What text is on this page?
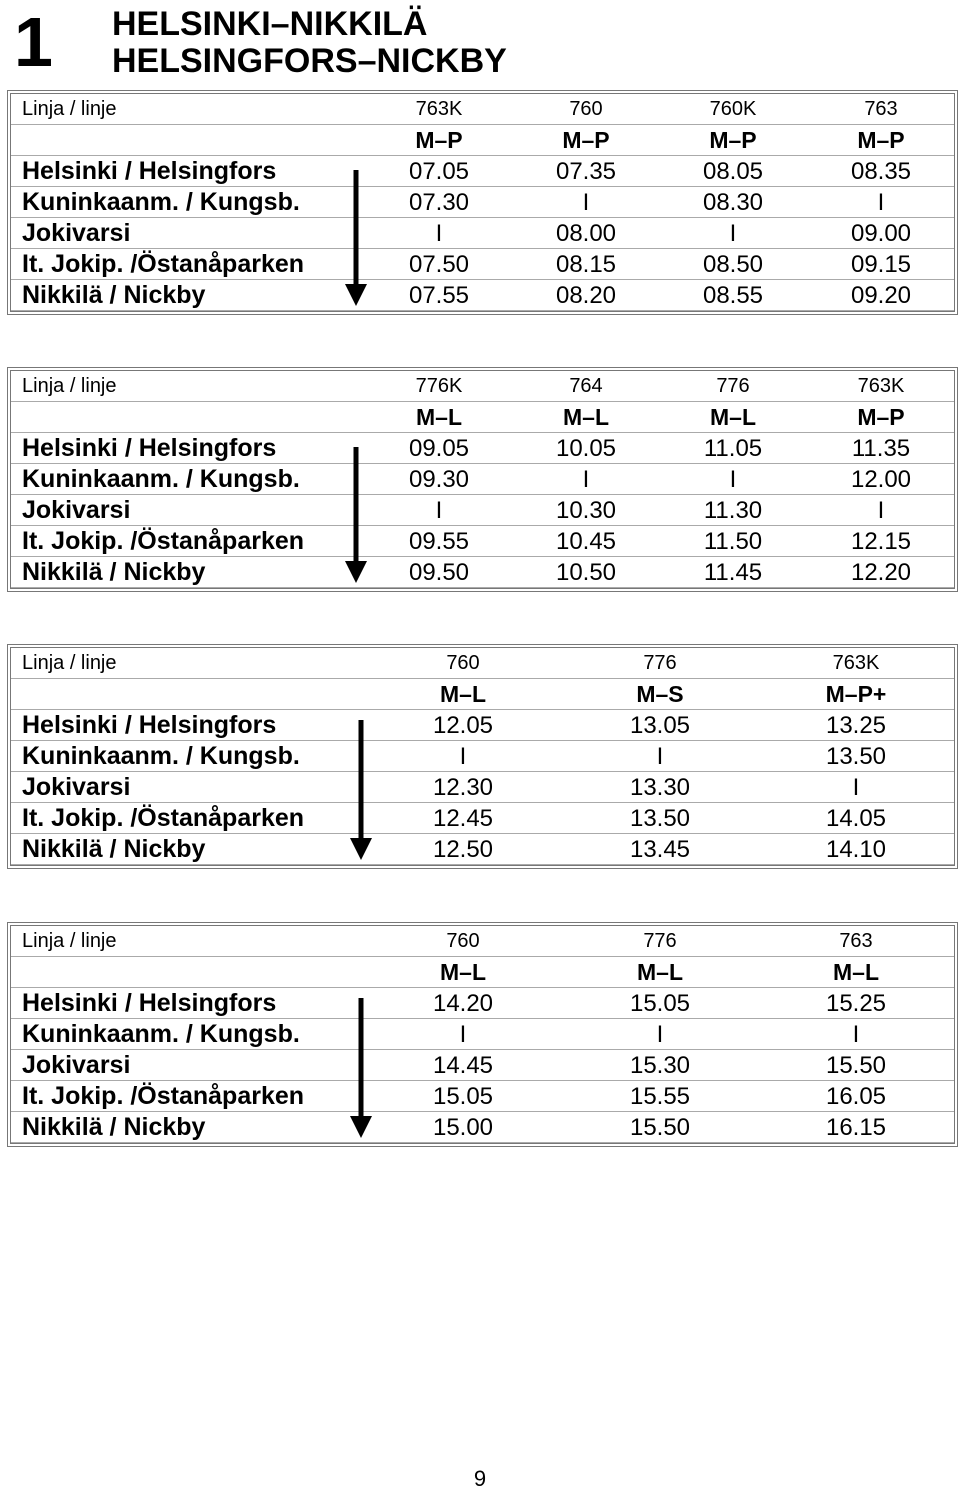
1 HELSINKI–NIKKILÄ
HELSINGFORS–NICKBY
Linja / linje	763K	760	760K	763
M–P	M–P	M–P	M–P
Helsinki / Helsingfors	07.05	07.35	08.05	08.35
Kuninkaanm. / Kungsb.	07.30	I	08.30	I
Jokivarsi	I	08.00	I	09.00
It. Jokip. /Östanåparken	07.50	08.15	08.50	09.15
Nikkilä / Nickby	07.55	08.20	08.55	09.20
Linja / linje	776K	764	776	763K
M–L	M–L	M–L	M–P
Helsinki / Helsingfors	09.05	10.05	11.05	11.35
Kuninkaanm. / Kungsb.	09.30	I	I	12.00
Jokivarsi	I	10.30	11.30	I
It. Jokip. /Östanåparken	09.55	10.45	11.50	12.15
Nikkilä / Nickby	09.50	10.50	11.45	12.20
Linja / linje	760	776	763K
M–L	M–S	M–P+
Helsinki / Helsingfors	12.05	13.05	13.25
Kuninkaanm. / Kungsb.	I	I	13.50
Jokivarsi	12.30	13.30	I
It. Jokip. /Östanåparken	12.45	13.50	14.05
Nikkilä / Nickby	12.50	13.45	14.10
Linja / linje	760	776	763
M–L	M–L	M–L
Helsinki / Helsingfors	14.20	15.05	15.25
Kuninkaanm. / Kungsb.	I	I	I
Jokivarsi	14.45	15.30	15.50
It. Jokip. /Östanåparken	15.05	15.55	16.05
Nikkilä / Nickby	15.00	15.50	16.15
9
